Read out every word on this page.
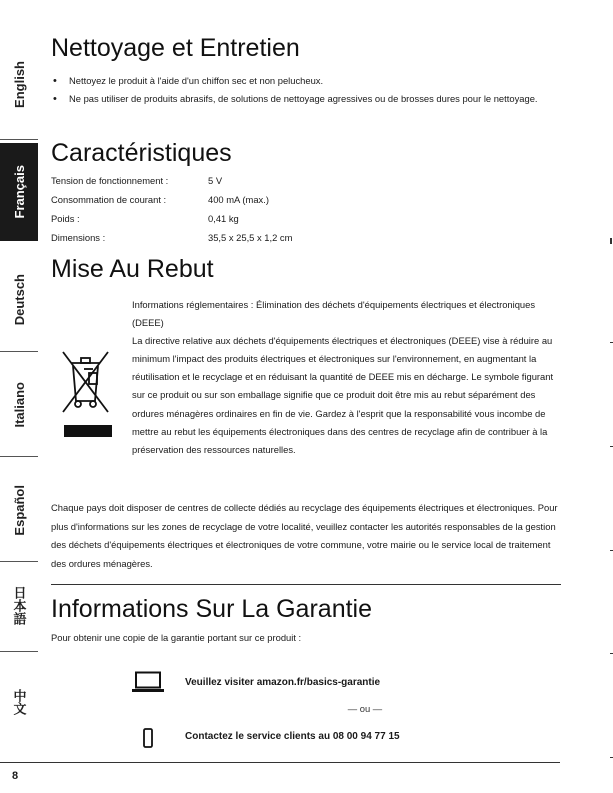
English
Français
Deutsch
Italiano
Español
日本語
中文
Nettoyage et Entretien
• Nettoyez le produit à l'aide d'un chiffon sec et non pelucheux.
• Ne pas utiliser de produits abrasifs, de solutions de nettoyage agressives ou de brosses dures pour le nettoyage.
Caractéristiques
Tension de fonctionnement :	5 V
Consommation de courant :	400 mA (max.)
Poids :	0,41 kg
Dimensions :	35,5 x 25,5 x 1,2 cm
Mise Au Rebut

Informations réglementaires : Élimination des déchets d'équipements électriques et électroniques (DEEE)

La directive relative aux déchets d'équipements électriques et électroniques (DEEE) vise à réduire au minimum l'impact des produits électriques et électroniques sur l'environnement, en augmentant la réutilisation et le recyclage et en réduisant la quantité de DEEE mis en décharge. Le symbole figurant sur ce produit ou sur son emballage signifie que ce produit doit être mis au rebut séparément des ordures ménagères ordinaires en fin de vie. Gardez à l'esprit que la responsabilité vous incombe de mettre au rebut les équipements électroniques dans des centres de recyclage afin de contribuer à la préservation des ressources naturelles.

Chaque pays doit disposer de centres de collecte dédiés au recyclage des équipements électriques et électroniques. Pour plus d'informations sur les zones de recyclage de votre localité, veuillez contacter les autorités responsables de la gestion des déchets d'équipements électriques et électroniques de votre commune, votre mairie ou le service local de traitement des ordures ménagères.

Informations Sur La Garantie

Pour obtenir une copie de la garantie portant sur ce produit :

Veuillez visiter amazon.fr/basics-garantie
— ou —
Contactez le service clients au 08 00 94 77 15
8
